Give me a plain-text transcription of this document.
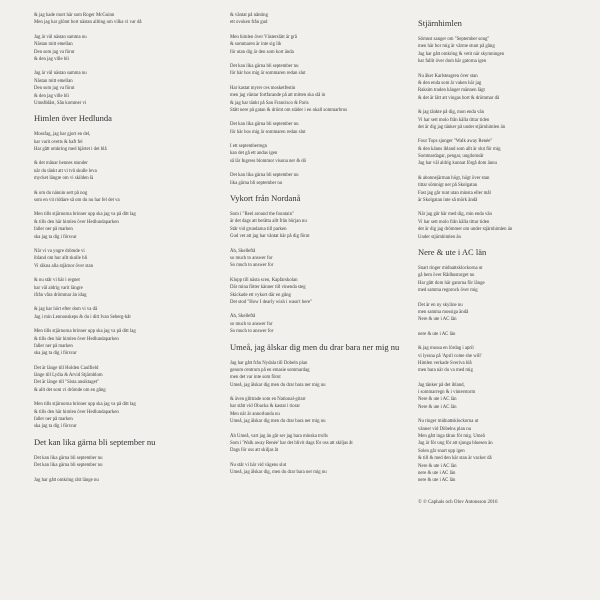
& jag hade mort här som Roger McGuinn
Men jag har glömt bort nästan allting om vilka vi var då
Jag är väl nästan samma nu
Nästan mitt emellan
Den som jag va förut
& den jag ville bli
Jag är väl nästan samma nu
Nästan mitt emellan
Den som jag va förut
& den jag ville bli
Umeåblåst, Sån kommer vi
Himlen över Hedlunda
Mossfag, jag har gjort en del,
har varit ovetts & haft fel
Har gått omkring med hjärtet i det blå
& det månar hennes stunder
när du tänkt att vi två skulle leva
mycket längre om vi skilden lä
& om du nännin sett på nog
som en vit riddare så om du nu har fel det va
Men tills stjärnorna brinner upp ska jag va på ditt lag
& tills den här himlen över Hedlundaparken
faller ner på marken
ska jag ta dig i försvar
När vi va yngre drömde vi
ibland om hur allt skulle bli
Vi räkna alla stjärnor över stan
& nu står vi här i regnet
har väl aldrig varit längre
ifrån våra drömmar än idag
& jag har hört efter dom vi va då
Jag i min Lennonskeps & du i ditt Ivan Seberg-hår
Men tills stjärnorna brinner upp ska jag va på ditt lag
& tills den här himlen över Hedlundaparken
faller ner på marken
ska jag ta dig i försvar
Det är länge till Holden Caulfield
länge till Lydia & Arvid Stjärnblom
Det är länge till "Sista ansiktaget"
& allt det som vi drömde om en gång
Men tills stjärnorna brinner upp ska jag va på ditt lag
& tills den här himlen över Hedlundaparken
faller ner på marken
ska jag ta dig i försvar
Det kan lika gärna bli september nu
Det kan lika gärna bli september nu
Det kan lika gärna bli september nu
Jag har gått omkring rätt länge nu
& väntat på nånting
ett ovoken från gud
Men himlen över Västerslätt är grå
& sommaren är inte sig lik
för utan dig är den som kort ända
Det kan lika gärna bli september nu
för här hos mig är sommaren redan slut
Har kastat myrer ces mosketfestin
men jag väntar fortfarande på att mitten ska slå in
& jag har tänkt på San Francisco & Paris
Stått nere på gatan & drömt om städer i en okall sommarbrus
Det kan lika gärna bli september nu
för här hos mig är sommaren redan slut
I ett septemberregn
kan det gå ett andas igen
så lär Ingress blommor visona ner & dö
Det kan lika gärna bli september nu
lika gärna bli september nu
Vykort från Nordanå
Som i "Reel around the fountain"
är det dags att berätta allt från början nu
Står vid grundarna till parken
Gud vet att jag har väntat här på dig förut
Åh, Skelleftå
so much to answer for
So much to answer for
Klopp till nästa scen, Kapfarskolan
Där mina fötter känner till vinenda steg
Skickade ett vykort där en gång
Det stod "How I dearly wish i wasn't here"
Åh, Skelleftå
so much to answer for
So much to answer for
Umeå, jag älskar dig men du drar bara ner mig nu
Jag har gått från Nydala till Dobeln plan
genom centrum på en emasie sommardag
men det var inte som förut
Umeå, jag älskar dig men du drar bara ner mig nu
& även glittrade som en National-gitarr
har stått vid Obacka & kastat i tiorar
Men när är annorlunda nu
Umeå, jag älskar dig men du drar bara ner mig nu
Åh Umeå, vart jag än går ser jag bara minska trolls
Som i 'Walk away Renée' har det blivit dags för oss att skiljas åt
Dags för oss att skiljas åt
Nu står vi här vid vägens slut
Umeå, jag älskar dig, men du drar bara ner mig nu
Stjärnhimlen
Sömnst sanger om "September song"
men här bor mig är värme stunt på gång
Jag har gått omkring & vetit när skymningen
har fallit över dom här gatorna igen
Nu åker Karlsteagren över stan
& den enda som är vaken här jag
Raksim traden hänger männen lägt
& det är lätt att vingas bort & drömmar då
& jag tänkte på dig, mon enda vän
Vi har sett molo från källa tittar tiden
det är dig jag tänker på under stjärnhimlen än
Four Tops sjunger "Walk away Renée"
& den känns ibland som allt är slut för mig
Sommardagar, pengar, ungdomsår
Jag har väl aldrig kunnat förgå dom ännu
& abonnejärman högt, högt över stan
tittar sömnigt ner på Skolgatan
Fast jag går runt utan minsta eller mål
är Skolgatan inte så mörk ändå
När jag går här med dig, min enda vän
Vi har sett molo från källa tittar tiden
det är dig jag drömmer om under stjärnhimlen än
Under stjärnhimlen än
Nere & ute i AC län
Snart ringer midnattsklockorna ut
gå hem över Rådhustorget nu
Har gått dom här gatorna för länge
med samma regnrock över mig
Det är en ny skyline nu
men samma mossiga ändå
Nere & ute i AC län
nere & ute i AC län
& jag mossa en lördag i april
vi lyssna på 'April come she will'
Himlen verkade Sveriva blå
men bara när du va med mig
Jag tänker på det ibland,
i sommarregn & i vinterstorm
Nere & ute i AC län
Nere & ute i AC län
Nu ringer midnattsklockorna ut
vänner vid Döbelns plan nu
Men gått inga tåran för mig. Umeå
Jag är för ung för att sjunga bluesen än
Solen går snart upp igen
& till & med den här stan är vacker då
Nere & ute i AC län
nere & ute i AC län
nere & ute i AC län
© ℗ Caphals och Olov Antonsson 2016
